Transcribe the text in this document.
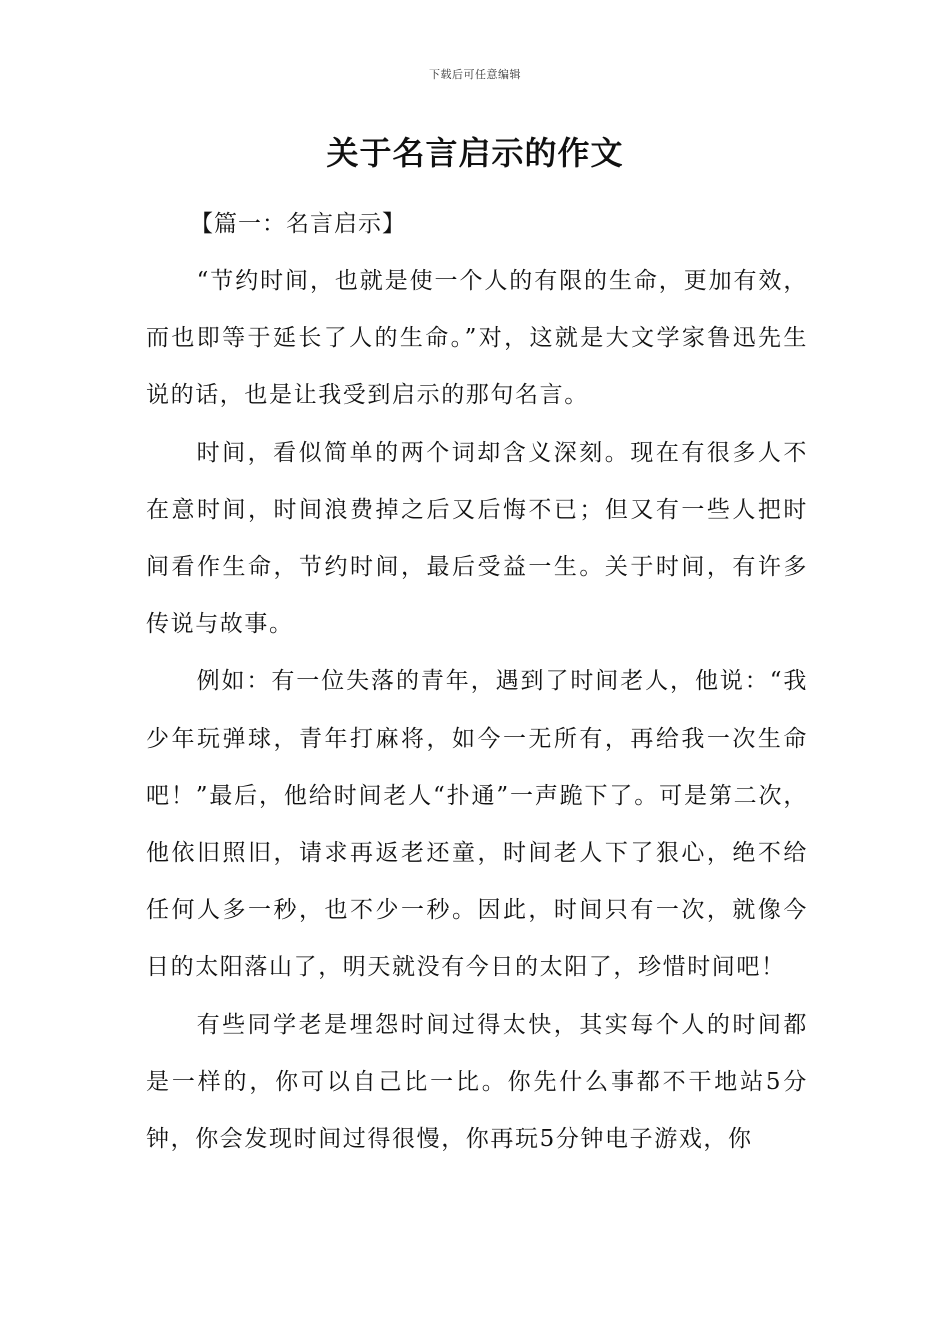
下载后可任意编辑
关于名言启示的作文
【篇一：名言启示】

“节约时间，也就是使一个人的有限的生命，更加有效，而也即等于延长了人的生命。”对，这就是大文学家鲁迅先生说的话，也是让我受到启示的那句名言。

时间，看似简单的两个词却含义深刻。现在有很多人不在意时间，时间浪费掉之后又后悔不已；但又有一些人把时间看作生命，节约时间，最后受益一生。关于时间，有许多传说与故事。

例如：有一位失落的青年，遇到了时间老人，他说：“我少年玩弹球，青年打麻将，如今一无所有，再给我一次生命吧！”最后，他给时间老人“扑通”一声跪下了。可是第二次，他依旧照旧，请求再返老还童，时间老人下了狠心，绝不给任何人多一秒，也不少一秒。因此，时间只有一次，就像今日的太阳落山了，明天就没有今日的太阳了，珍惜时间吧！

有些同学老是埋怨时间过得太快，其实每个人的时间都是一样的，你可以自己比一比。你先什么事都不干地站5分钟，你会发现时间过得很慢，你再玩5分钟电子游戏，你
